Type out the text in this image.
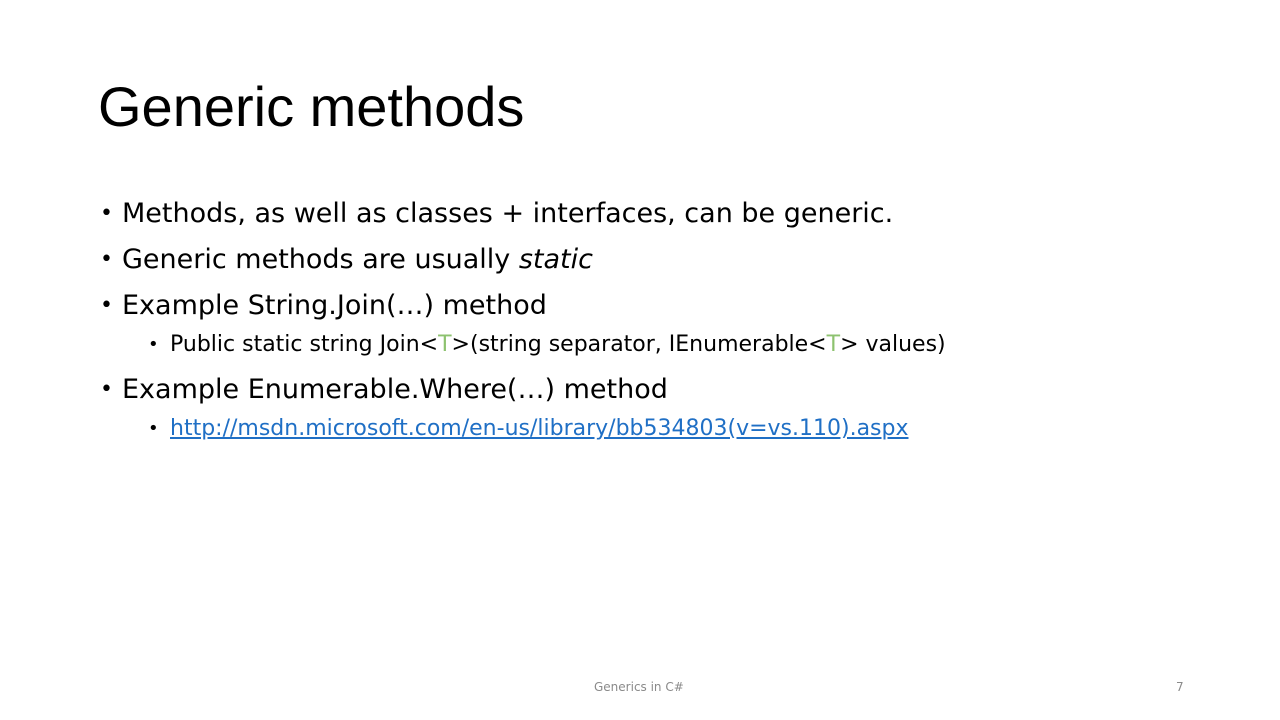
Generic methods
• Methods, as well as classes + interfaces, can be generic.
• Generic methods are usually static
• Example String.Join(…) method
• Public static string Join<T>(string separator, IEnumerable<T> values)
• Example Enumerable.Where(…) method
• http://msdn.microsoft.com/en-us/library/bb534803(v=vs.110).aspx
Generics in C#	7
